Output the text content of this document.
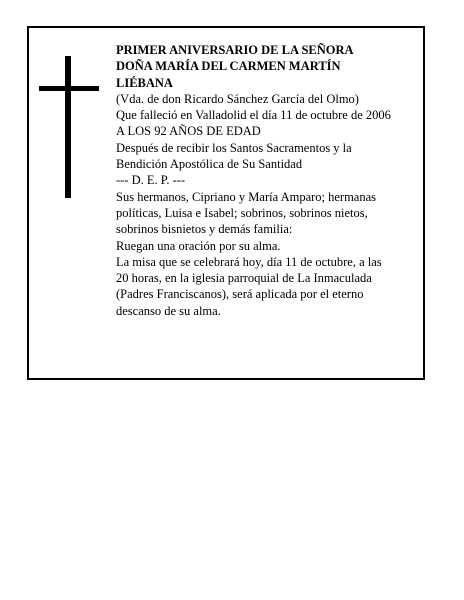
PRIMER ANIVERSARIO DE LA SEÑORA
DOÑA MARÍA DEL CARMEN MARTÍN
LIÉBANA
(Vda. de don Ricardo Sánchez García del Olmo)
Que falleció en Valladolid el día 11 de octubre de 2006
A LOS 92 AÑOS DE EDAD
Después de recibir los Santos Sacramentos y la
Bendición Apostólica de Su Santidad
--- D. E. P. ---
Sus hermanos, Cipriano y María Amparo; hermanas
políticas, Luisa e Isabel; sobrinos, sobrinos nietos,
sobrinos bisnietos y demás familia:
Ruegan una oración por su alma.
La misa que se celebrará hoy, día 11 de octubre, a las
20 horas, en la iglesia parroquial de La Inmaculada
(Padres Franciscanos), será aplicada por el eterno
descanso de su alma.
